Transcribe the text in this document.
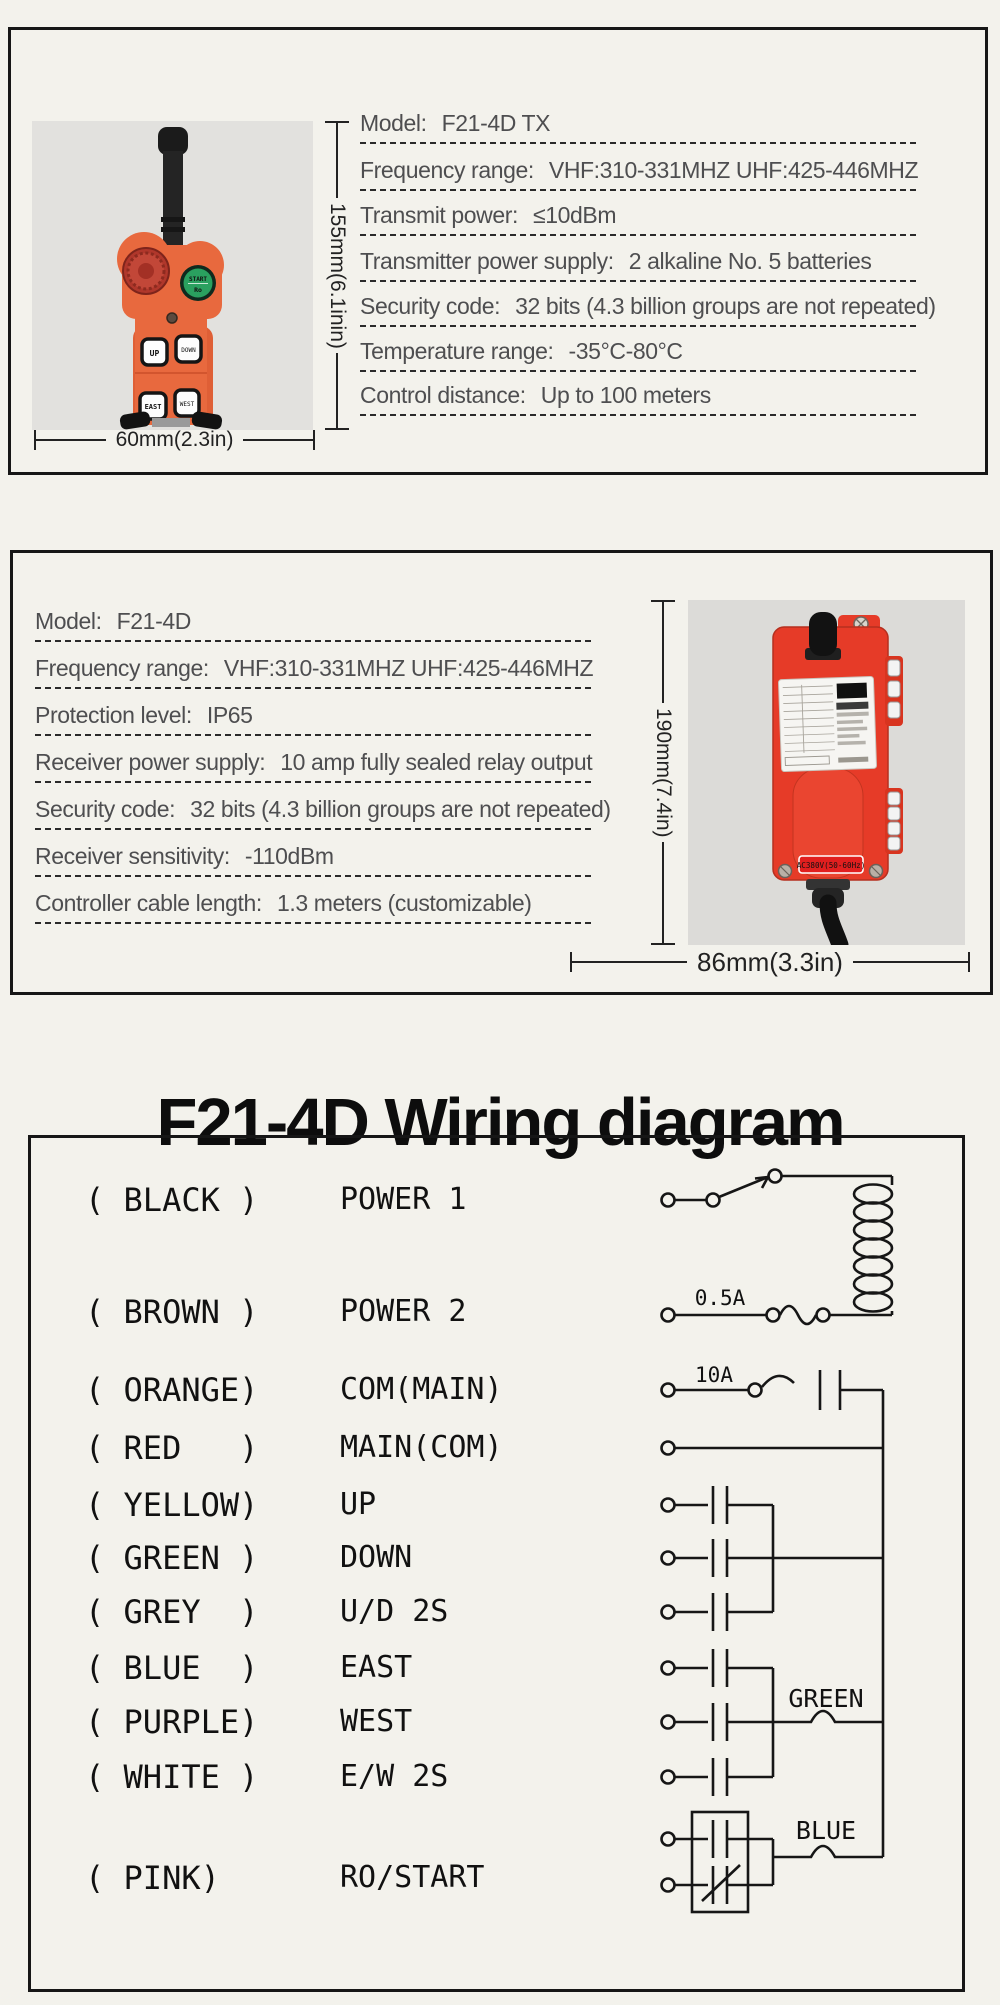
START
Ro
UP	DOWN
EAST	WEST
155mm(6.1inin)
60mm(2.3in)
Model: F21-4D TX
Frequency range: VHF:310-331MHZ UHF:425-446MHZ
Transmit power: ≤10dBm
Transmitter power supply: 2 alkaline No. 5 batteries
Security code: 32 bits (4.3 billion groups are not repeated)
Temperature range: -35°C-80°C
Control distance: Up to 100 meters
Model: F21-4D
Frequency range: VHF:310-331MHZ UHF:425-446MHZ
Protection level: IP65
Receiver power supply: 10 amp fully sealed relay output
Security code: 32 bits (4.3 billion groups are not repeated)
Receiver sensitivity: -110dBm
Controller cable length: 1.3 meters (customizable)
190mm(7.4in)
LCC
AC380V(50-60Hz)
86mm(3.3in)
F21-4D Wiring diagram
( BLACK )	POWER 1
( BROWN )	POWER 2
( ORANGE)	COM(MAIN)
( RED   )	MAIN(COM)
( YELLOW)	UP
( GREEN )	DOWN
( GREY  )	U/D 2S
( BLUE  )	EAST
( PURPLE)	WEST
( WHITE )	E/W 2S
( PINK)	RO/START
0.5A
10A
GREEN
BLUE
